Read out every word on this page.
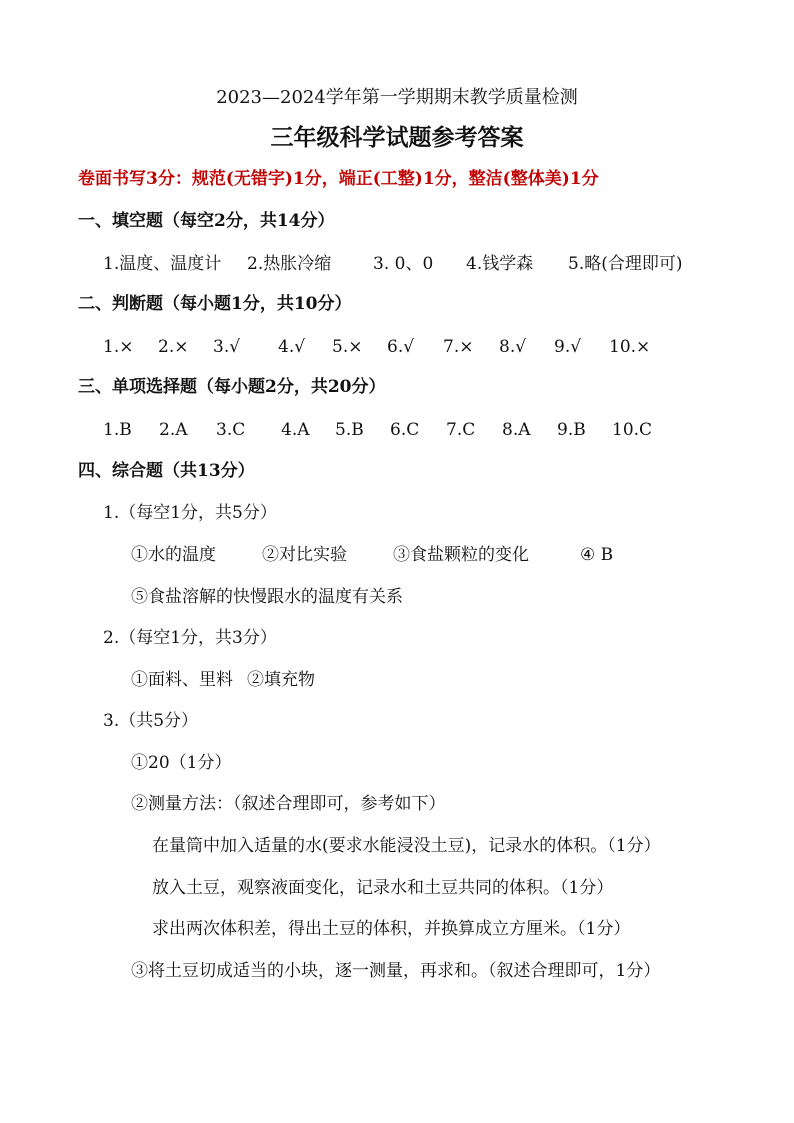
2023—2024学年第一学期期末教学质量检测
三年级科学试题参考答案
卷面书写3分：规范(无错字)1分，端正(工整)1分，整洁(整体美)1分
一、填空题（每空2分，共14分）
1.温度、温度计	2.热胀冷缩	3. 0、0	4.钱学森	5.略(合理即可)
二、判断题（每小题1分，共10分）
1.×	2.×	3.√	4.√	5.×	6.√	7.×	8.√	9.√	10.×
三、单项选择题（每小题2分，共20分）
1.B	2.A	3.C	4.A	5.B	6.C	7.C	8.A	9.B	10.C
四、综合题（共13分）
1.（每空1分，共5分）
①水的温度	②对比实验	③食盐颗粒的变化	④ B
⑤食盐溶解的快慢跟水的温度有关系
2.（每空1分，共3分）
①面料、里料 ②填充物
3.（共5分）
①20（1分）
②测量方法：（叙述合理即可，参考如下）
在量筒中加入适量的水(要求水能浸没土豆)，记录水的体积。（1分）
放入土豆，观察液面变化，记录水和土豆共同的体积。（1分）
求出两次体积差，得出土豆的体积，并换算成立方厘米。（1分）
③将土豆切成适当的小块，逐一测量，再求和。（叙述合理即可，1分）
